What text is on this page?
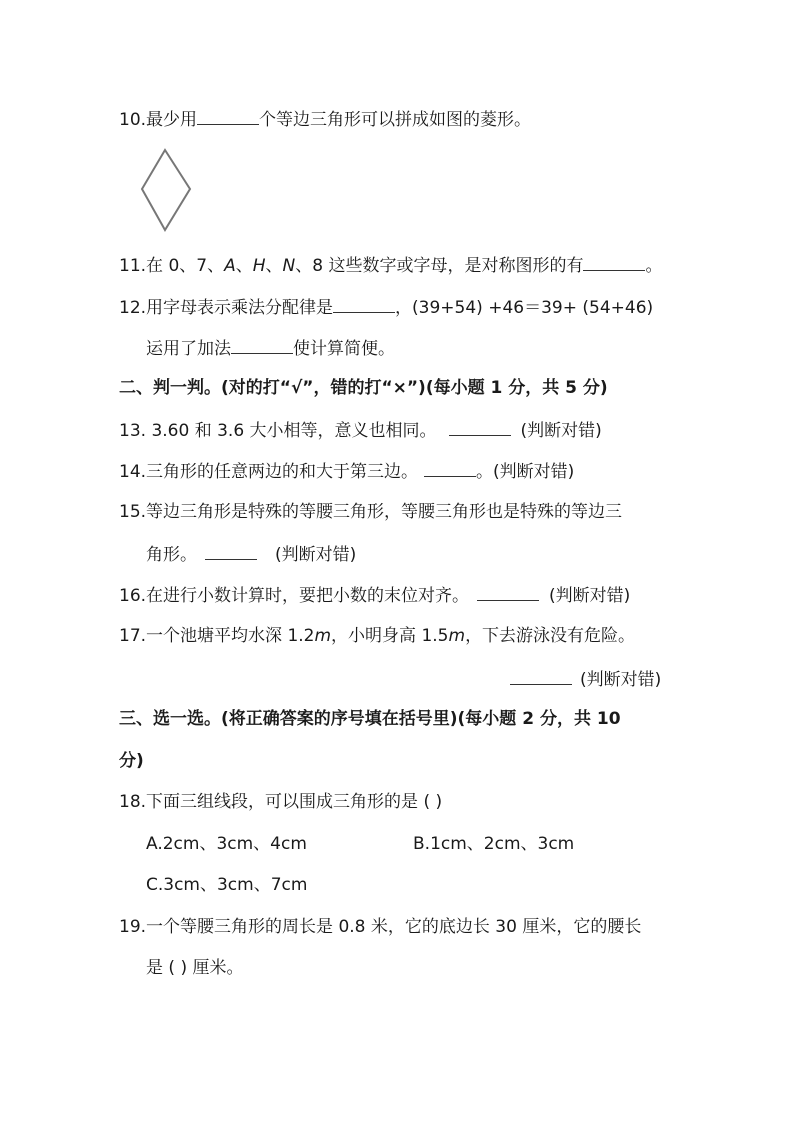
10.最少用	个等边三角形可以拼成如图的菱形。
11.在 0、7、A、H、N、8 这些数字或字母，是对称图形的有	。
12.用字母表示乘法分配律是	，(39+54) +46＝39+ (54+46)
运用了加法	使计算简便。
二、判一判。(对的打“√”，错的打“×”)(每小题 1 分，共 5 分)
13. 3.60 和 3.6 大小相等，意义也相同。	(判断对错)
14.三角形的任意两边的和大于第三边。	。(判断对错)
15.等边三角形是特殊的等腰三角形，等腰三角形也是特殊的等边三
角形。	(判断对错)
16.在进行小数计算时，要把小数的末位对齐。	(判断对错)
17.一个池塘平均水深 1.2m，小明身高 1.5m，下去游泳没有危险。
(判断对错)
三、选一选。(将正确答案的序号填在括号里)(每小题 2 分，共 10
分)
18.下面三组线段，可以围成三角形的是 ( )
A.2cm、3cm、4cm	B.1cm、2cm、3cm
C.3cm、3cm、7cm
19.一个等腰三角形的周长是 0.8 米，它的底边长 30 厘米，它的腰长
是 ( ) 厘米。
